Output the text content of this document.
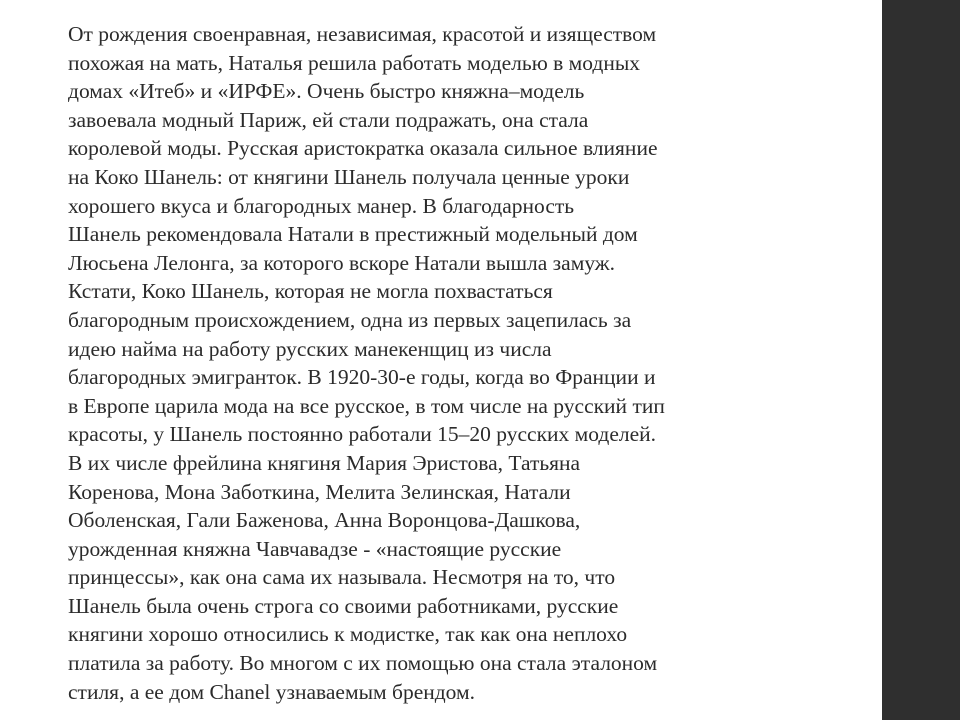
От рождения своенравная, независимая, красотой и изяществом
похожая на мать, Наталья решила работать моделью в модных
домах «Итеб» и «ИРФЕ». Очень быстро княжна–модель
завоевала модный Париж, ей стали подражать, она стала
королевой моды. Русская аристократка оказала сильное влияние
на Коко Шанель: от княгини Шанель получала ценные уроки
хорошего вкуса и благородных манер. В благодарность
Шанель рекомендовала Натали в престижный модельный дом
Люсьена Лелонга, за которого вскоре Натали вышла замуж.
Кстати, Коко Шанель, которая не могла похвастаться
благородным происхождением, одна из первых зацепилась за
идею найма на работу русских манекенщиц из числа
благородных эмигранток. В 1920-30-е годы, когда во Франции и
в Европе царила мода на все русское, в том числе на русский тип
красоты, у Шанель постоянно работали 15–20 русских моделей.
В их числе фрейлина княгиня Мария Эристова, Татьяна
Коренова, Мона Заботкина, Мелита Зелинская, Натали
Оболенская, Гали Баженова, Анна Воронцова-Дашкова,
урожденная княжна Чавчавадзе - «настоящие русские
принцессы», как она сама их называла. Несмотря на то, что
Шанель была очень строга со своими работниками, русские
княгини хорошо относились к модистке, так как она неплохо
платила за работу. Во многом с их помощью она стала эталоном
стиля, а ее дом Chanel узнаваемым брендом.
